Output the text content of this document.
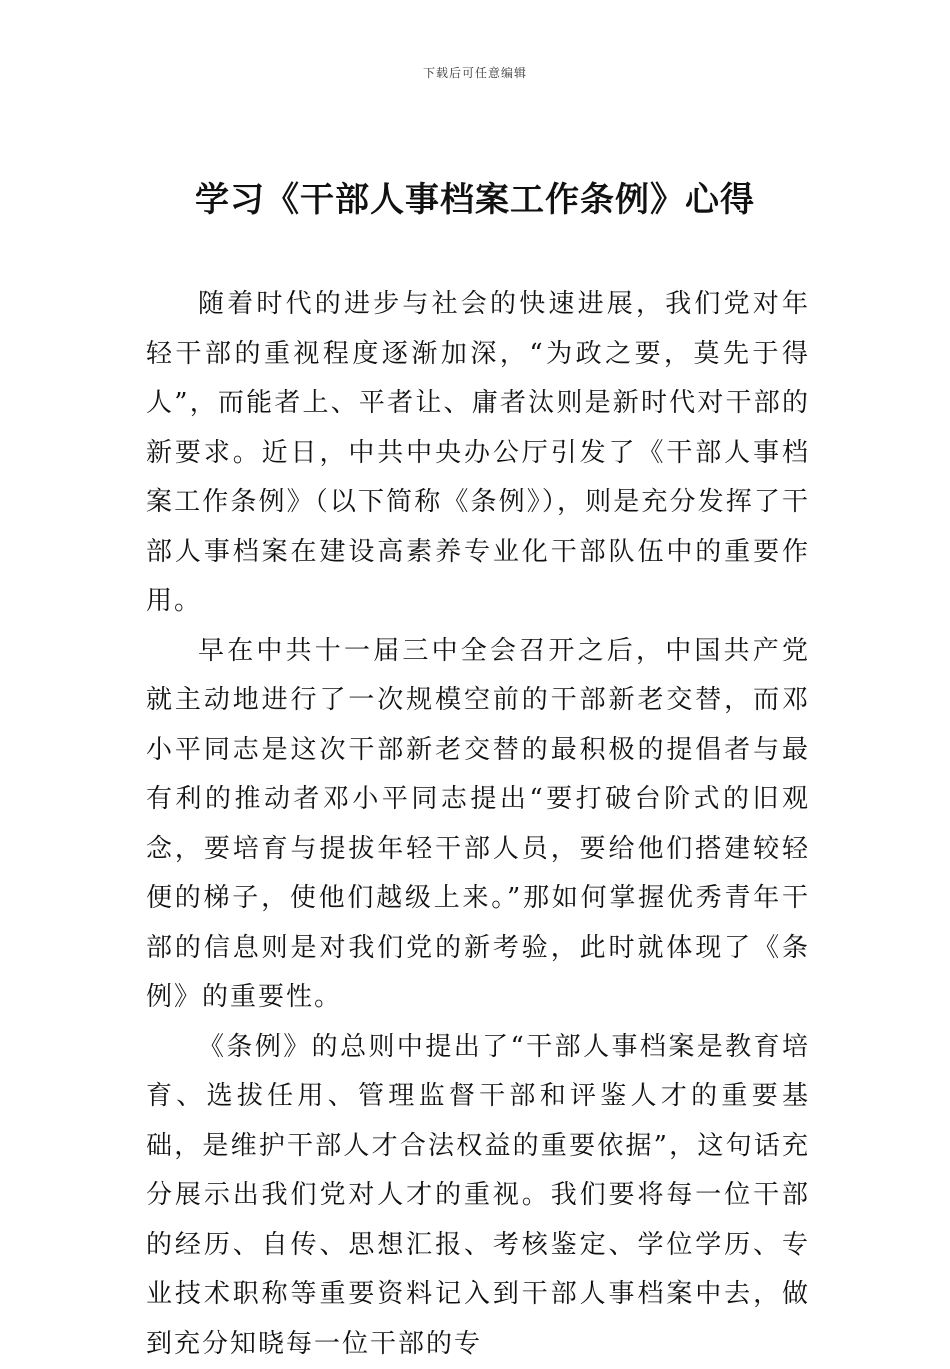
下载后可任意编辑
学习《干部人事档案工作条例》心得

随着时代的进步与社会的快速进展，我们党对年轻干部的重视程度逐渐加深，“为政之要，莫先于得人”，而能者上、平者让、庸者汰则是新时代对干部的新要求。近日，中共中央办公厅引发了《干部人事档案工作条例》（以下简称《条例》），则是充分发挥了干部人事档案在建设高素养专业化干部队伍中的重要作用。

早在中共十一届三中全会召开之后，中国共产党就主动地进行了一次规模空前的干部新老交替，而邓小平同志是这次干部新老交替的最积极的提倡者与最有利的推动者邓小平同志提出“要打破台阶式的旧观念，要培育与提拔年轻干部人员，要给他们搭建较轻便的梯子，使他们越级上来。”那如何掌握优秀青年干部的信息则是对我们党的新考验，此时就体现了《条例》的重要性。

《条例》的总则中提出了“干部人事档案是教育培育、选拔任用、管理监督干部和评鉴人才的重要基础，是维护干部人才合法权益的重要依据”，这句话充分展示出我们党对人才的重视。我们要将每一位干部的经历、自传、思想汇报、考核鉴定、学位学历、专业技术职称等重要资料记入到干部人事档案中去，做到充分知晓每一位干部的专
